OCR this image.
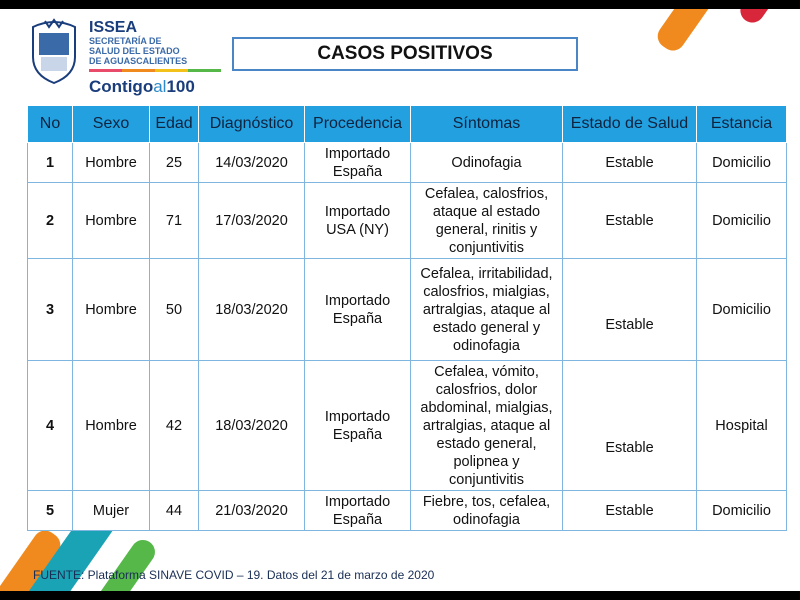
ISSEA
SECRETARÍA DE
SALUD DEL ESTADO
DE AGUASCALIENTES
Contigoal100
CASOS POSITIVOS
No	Sexo	Edad	Diagnóstico	Procedencia	Síntomas	Estado de Salud	Estancia
1	Hombre	25	14/03/2020	Importado España	Odinofagia	Estable	Domicilio
2	Hombre	71	17/03/2020	Importado USA (NY)	Cefalea, calosfrios, ataque al estado general, rinitis y conjuntivitis	Estable	Domicilio
3	Hombre	50	18/03/2020	Importado España	Cefalea, irritabilidad, calosfrios, mialgias, artralgias, ataque al estado general y odinofagia	Estable	Domicilio
4	Hombre	42	18/03/2020	Importado España	Cefalea, vómito, calosfrios, dolor abdominal, mialgias, artralgias, ataque al estado general, polipnea y conjuntivitis	Estable	Hospital
5	Mujer	44	21/03/2020	Importado España	Fiebre, tos, cefalea, odinofagia	Estable	Domicilio
FUENTE: Plataforma SINAVE COVID – 19. Datos del 21 de marzo de 2020
